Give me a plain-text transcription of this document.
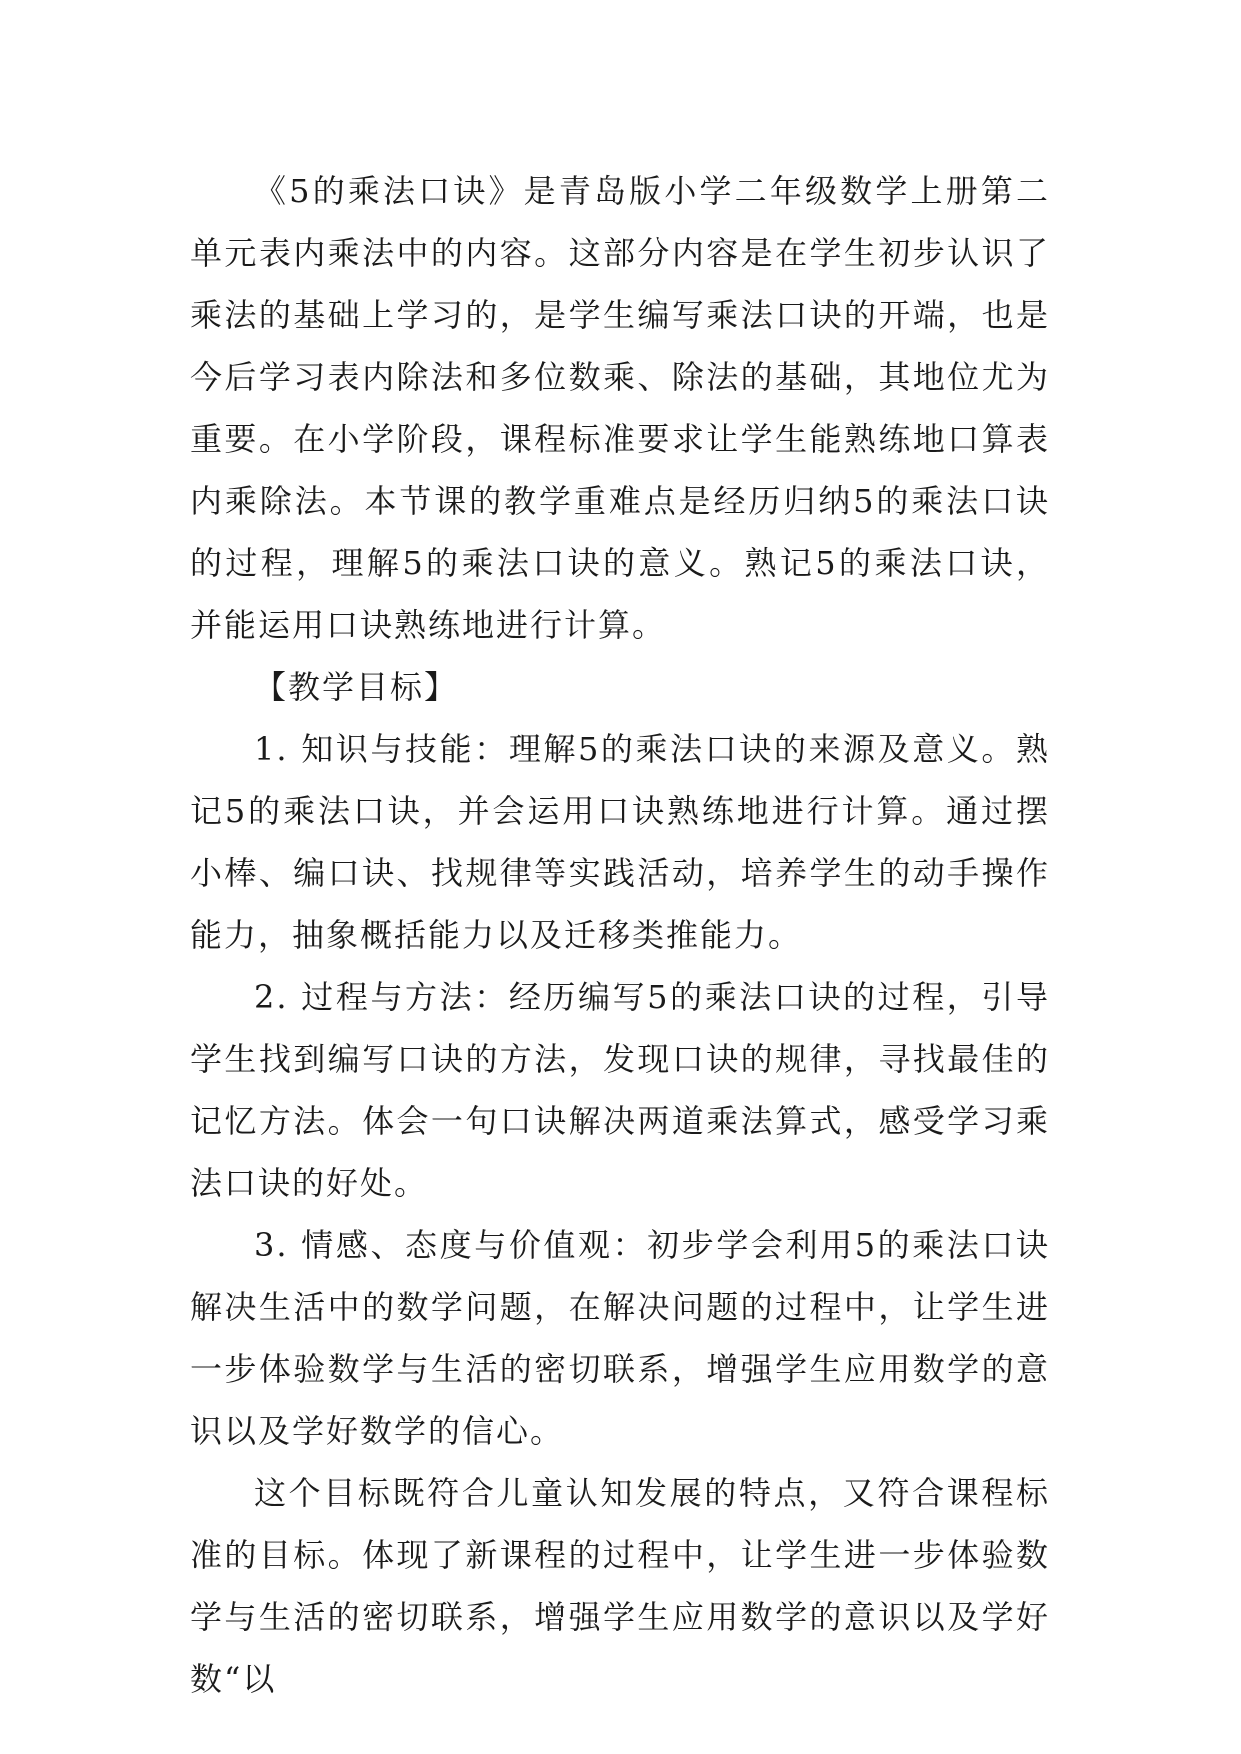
《5的乘法口诀》是青岛版小学二年级数学上册第二单元表内乘法中的内容。这部分内容是在学生初步认识了乘法的基础上学习的，是学生编写乘法口诀的开端，也是今后学习表内除法和多位数乘、除法的基础，其地位尤为重要。在小学阶段，课程标准要求让学生能熟练地口算表内乘除法。本节课的教学重难点是经历归纳5的乘法口诀的过程，理解5的乘法口诀的意义。熟记5的乘法口诀，并能运用口诀熟练地进行计算。

【教学目标】

1. 知识与技能：理解5的乘法口诀的来源及意义。熟记5的乘法口诀，并会运用口诀熟练地进行计算。通过摆小棒、编口诀、找规律等实践活动，培养学生的动手操作能力，抽象概括能力以及迁移类推能力。

2. 过程与方法：经历编写5的乘法口诀的过程，引导学生找到编写口诀的方法，发现口诀的规律，寻找最佳的记忆方法。体会一句口诀解决两道乘法算式，感受学习乘法口诀的好处。

3. 情感、态度与价值观：初步学会利用5的乘法口诀解决生活中的数学问题，在解决问题的过程中，让学生进一步体验数学与生活的密切联系，增强学生应用数学的意识以及学好数学的信心。

这个目标既符合儿童认知发展的特点，又符合课程标准的目标。体现了新课程的过程中，让学生进一步体验数学与生活的密切联系，增强学生应用数学的意识以及学好数“以
